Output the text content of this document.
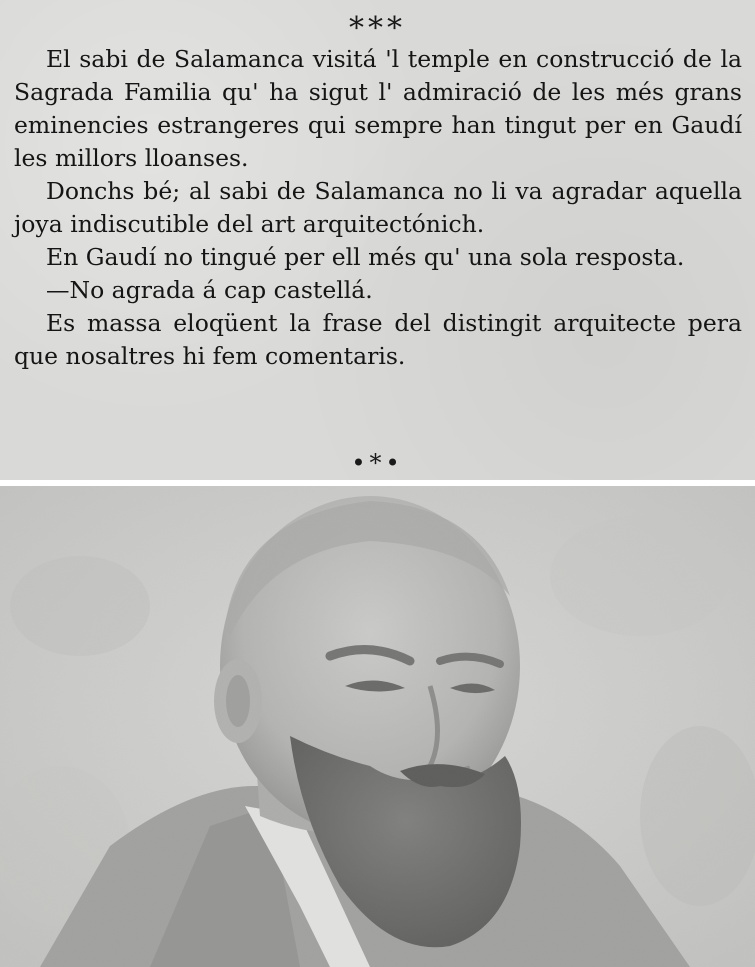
***

El sabi de Salamanca visitá 'l temple en construcció de la Sagrada Familia qu' ha sigut l' admiració de les més grans eminencies estrangeres qui sempre han tingut per en Gaudí les millors lloanses.

Donchs bé; al sabi de Salamanca no li va agradar aquella joya indiscutible del art arquitectónich.

En Gaudí no tingué per ell més qu' una sola resposta.

—No agrada á cap castellá.

Es massa eloqüent la frase del distingit arquitecte pera que nosaltres hi fem comentaris.

•*•
